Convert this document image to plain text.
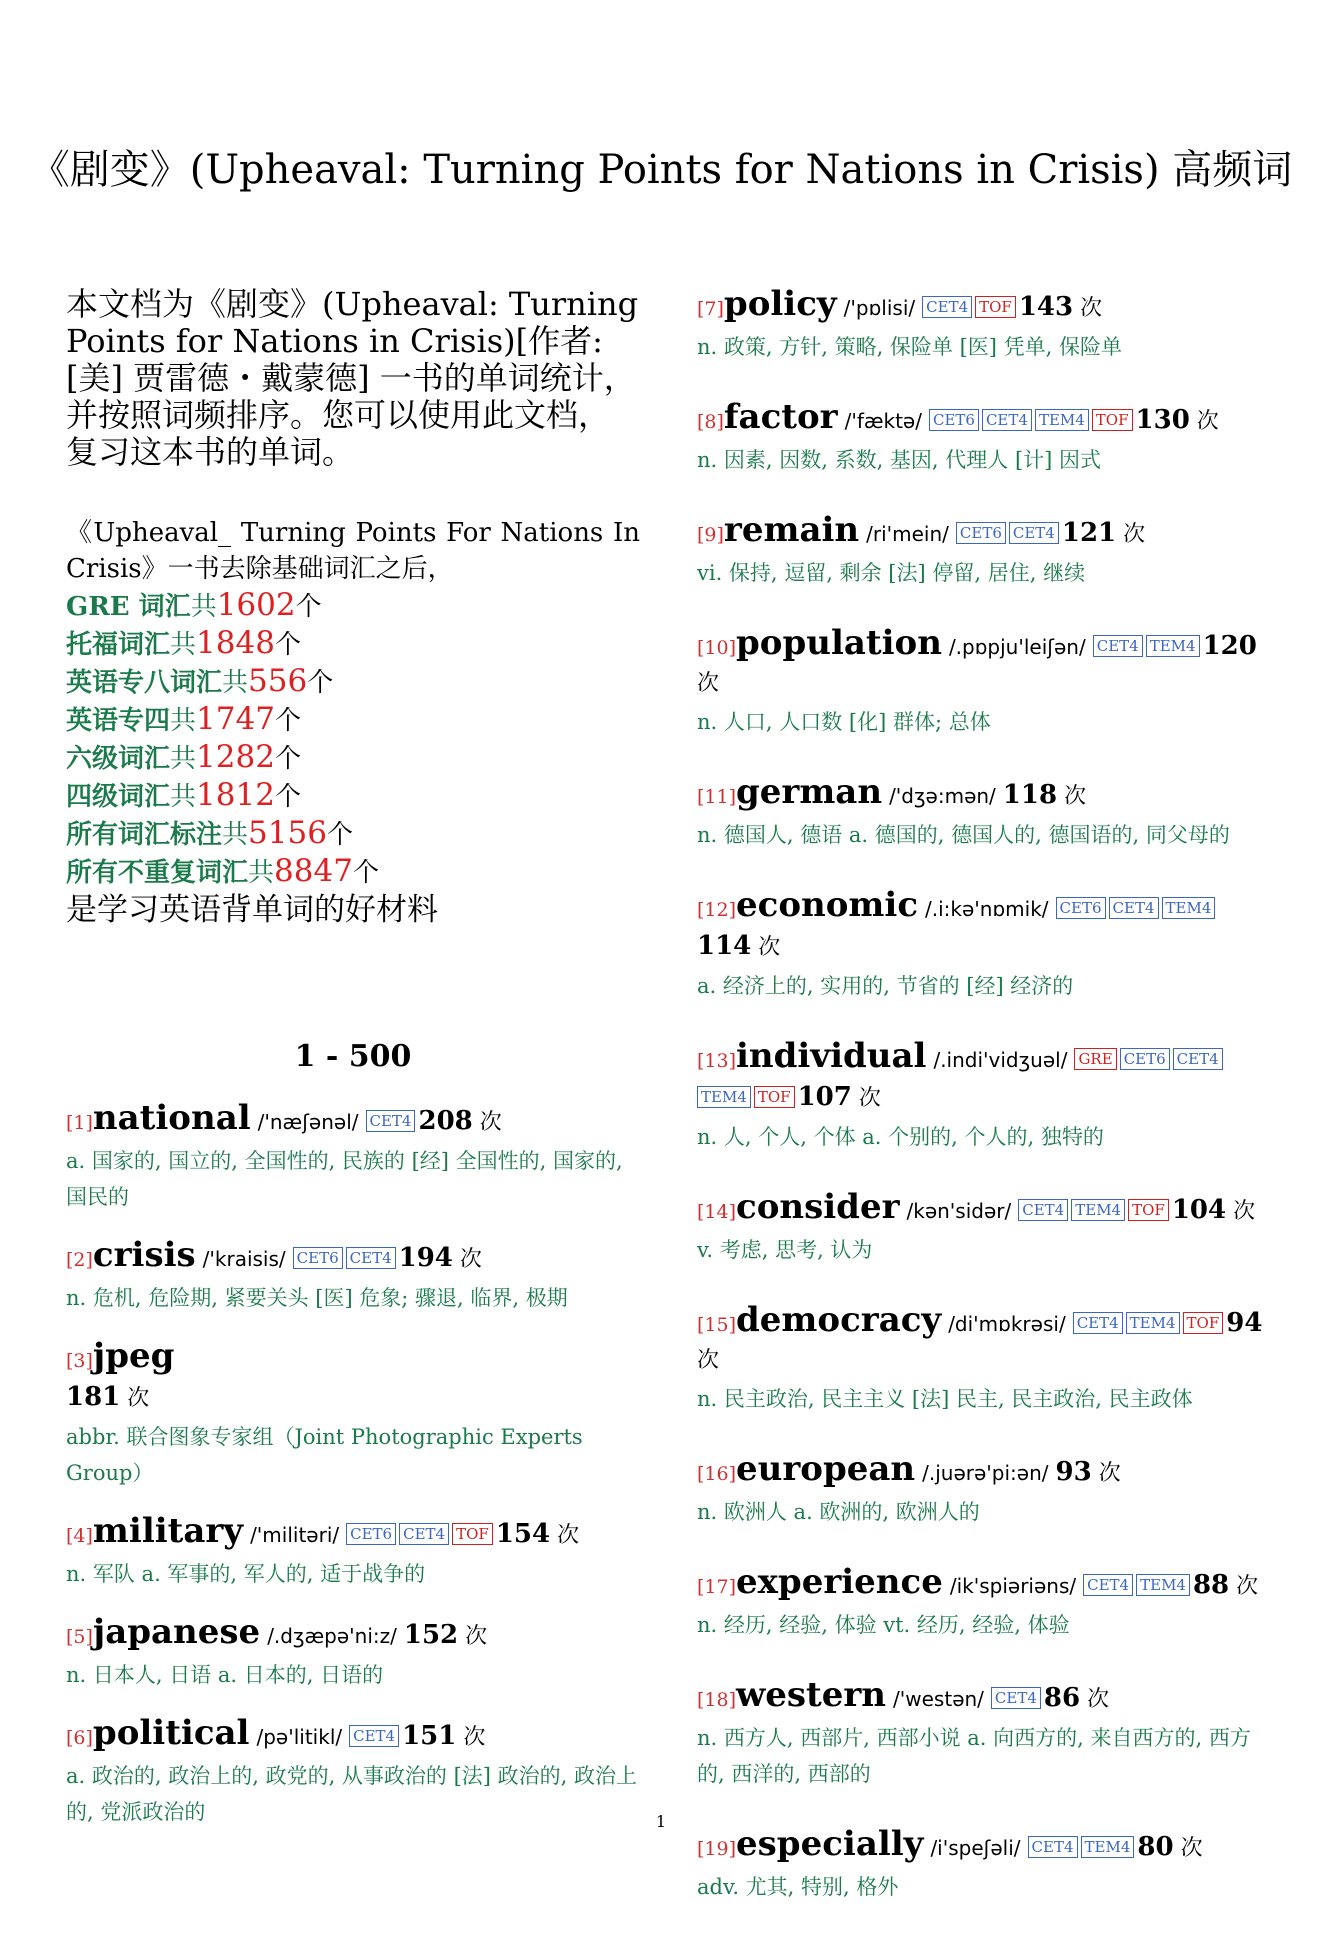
《剧变》(Upheaval: Turning Points for Nations in Crisis) 高频词

本文档为《剧变》(Upheaval: Turning Points for Nations in Crisis)[作者: [美] 贾雷德・戴蒙德] 一书的单词统计，并按照词频排序。您可以使用此文档，复习这本书的单词。

《Upheaval_ Turning Points For Nations In
Crisis》一书去除基础词汇之后，
GRE 词汇共1602个
托福词汇共1848个
英语专八词汇共556个
英语专四共1747个
六级词汇共1282个
四级词汇共1812个
所有词汇标注共5156个
所有不重复词汇共8847个
是学习英语背单词的好材料
1 - 500
[1]national /'næʃənəl/ CET4 208 次
a. 国家的, 国立的, 全国性的, 民族的 [经] 全国性的, 国家的, 国民的
[2]crisis /'kraisis/ CET6 CET4 194 次
n. 危机, 危险期, 紧要关头 [医] 危象; 骤退, 临界, 极期
[3]jpeg
181 次
abbr. 联合图象专家组（Joint Photographic Experts Group）
[4]military /'militəri/ CET6 CET4 TOF 154 次
n. 军队 a. 军事的, 军人的, 适于战争的
[5]japanese /.dʒæpə'ni:z/ 152 次
n. 日本人, 日语 a. 日本的, 日语的
[6]political /pə'litikl/ CET4 151 次
a. 政治的, 政治上的, 政党的, 从事政治的 [法] 政治的, 政治上的, 党派政治的
[7]policy /'pɒlisi/ CET4 TOF 143 次
n. 政策, 方针, 策略, 保险单 [医] 凭单, 保险单
[8]factor /'fæktə/ CET6 CET4 TEM4 TOF 130 次
n. 因素, 因数, 系数, 基因, 代理人 [计] 因式
[9]remain /ri'mein/ CET6 CET4 121 次
vi. 保持, 逗留, 剩余 [法] 停留, 居住, 继续
[10]population /.pɒpju'leiʃən/ CET4 TEM4 120 次
n. 人口, 人口数 [化] 群体; 总体
[11]german /'dʒə:mən/ 118 次
n. 德国人, 德语 a. 德国的, 德国人的, 德国语的, 同父母的
[12]economic /.i:kə'nɒmik/ CET6 CET4 TEM4114 次
a. 经济上的, 实用的, 节省的 [经] 经济的
[13]individual /.indi'vidʒuəl/ GRE CET6 CET4TEM4 TOF 107 次
n. 人, 个人, 个体 a. 个别的, 个人的, 独特的
[14]consider /kən'sidər/ CET4 TEM4 TOF 104 次
v. 考虑, 思考, 认为
[15]democracy /di'mɒkrəsi/ CET4 TEM4 TOF 94 次
n. 民主政治, 民主主义 [法] 民主, 民主政治, 民主政体
[16]european /.juərə'pi:ən/ 93 次
n. 欧洲人 a. 欧洲的, 欧洲人的
[17]experience /ik'spiəriəns/ CET4 TEM4 88 次
n. 经历, 经验, 体验 vt. 经历, 经验, 体验
[18]western /'westən/ CET4 86 次
n. 西方人, 西部片, 西部小说 a. 向西方的, 来自西方的, 西方的, 西洋的, 西部的
[19]especially /i'speʃəli/ CET4 TEM4 80 次
adv. 尤其, 特别, 格外
1
